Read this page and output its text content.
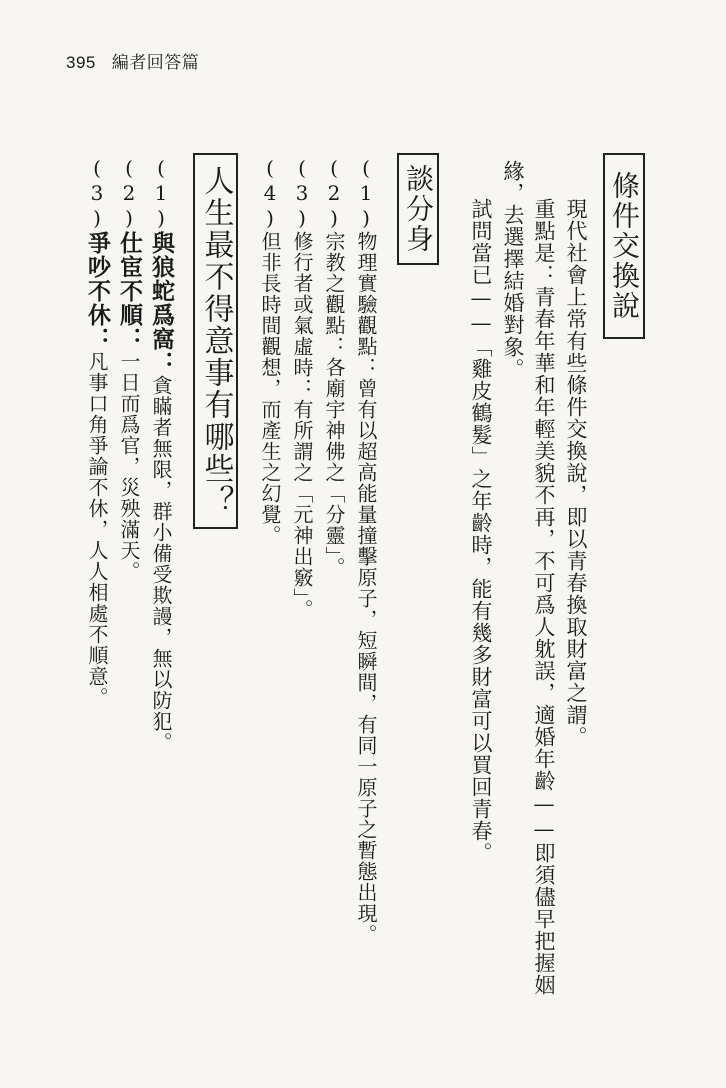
395 編者回答篇
條件交換說
現代社會上常有些條件交換說，即以青春換取財富之謂。
重點是：青春年華和年輕美貌不再，不可爲人躭誤，適婚年齡——即須儘早把握姻
緣，去選擇結婚對象。
試問當已——「雞皮鶴髮」之年齡時，能有幾多財富可以買回青春。
談分身
(1)物理實驗觀點：曾有以超高能量撞擊原子，短瞬間，有同一原子之暫態出現。
(2)宗教之觀點：各廟宇神佛之「分靈」。
(3)修行者或氣虛時：有所謂之「元神出竅」。
(4)但非長時間觀想，而產生之幻覺。
人生最不得意事有哪些？
(1)與狼蛇爲窩：貪瞞者無限，群小備受欺謾，無以防犯。
(2)仕宦不順：一日而爲官，災殃滿天。
(3)爭吵不休：凡事口角爭論不休，人人相處不順意。
